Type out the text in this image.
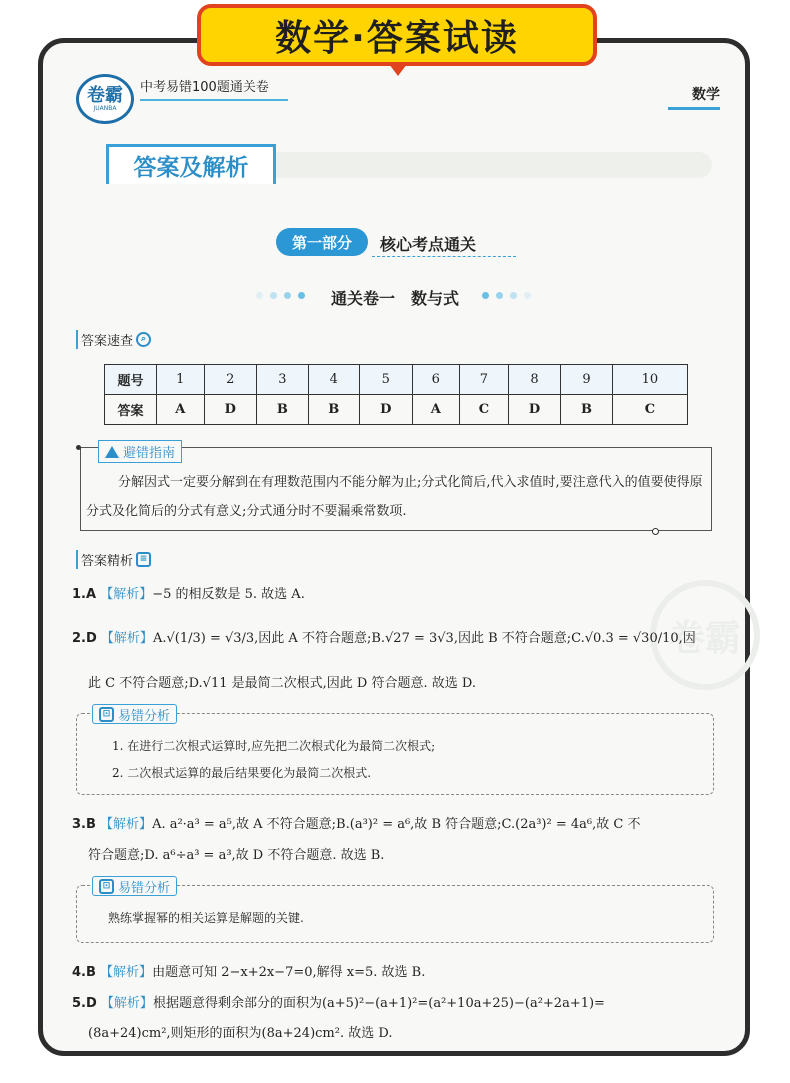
数学·答案试读
卷霸
JUANBA
中考易错100题通关卷	数学
答案及解析
第一部分	核心考点通关
通关卷一　数与式
答案速查 ⌕
题号	1	2	3	4	5	6	7	8	9	10
答案	A	D	B	B	D	A	C	D	B	C
避错指南
分解因式一定要分解到在有理数范围内不能分解为止;分式化简后,代入求值时,要注意代入的值要使得原分式及化简后的分式有意义;分式通分时不要漏乘常数项.
卷霸
答案精析 ≡
1.A 【解析】−5 的相反数是 5. 故选 A.
2.D 【解析】A.√(1/3) = √3/3,因此 A 不符合题意;B.√27 = 3√3,因此 B 不符合题意;C.√0.3 = √30/10,因
此 C 不符合题意;D.√11 是最简二次根式,因此 D 符合题意. 故选 D.
⊡ 易错分析
1. 在进行二次根式运算时,应先把二次根式化为最简二次根式;
2. 二次根式运算的最后结果要化为最简二次根式.
3.B 【解析】A. a²·a³ = a⁵,故 A 不符合题意;B.(a³)² = a⁶,故 B 符合题意;C.(2a³)² = 4a⁶,故 C 不
符合题意;D. a⁶÷a³ = a³,故 D 不符合题意. 故选 B.
⊡ 易错分析
熟练掌握幂的相关运算是解题的关键.
4.B 【解析】由题意可知 2−x+2x−7=0,解得 x=5. 故选 B.
5.D 【解析】根据题意得剩余部分的面积为(a+5)²−(a+1)²=(a²+10a+25)−(a²+2a+1)=
(8a+24)cm²,则矩形的面积为(8a+24)cm². 故选 D.
